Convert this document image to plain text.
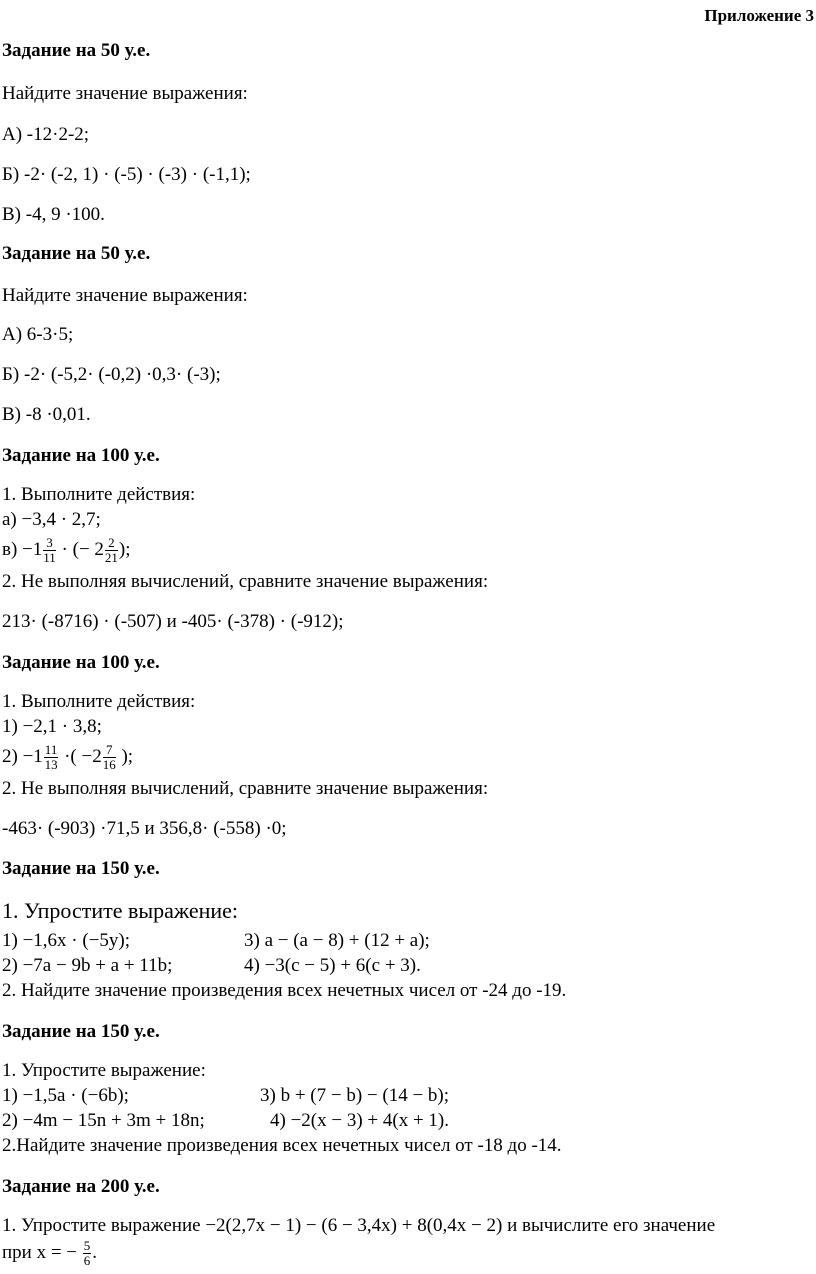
Приложение 3
Задание на 50 у.е.
Найдите значение выражения:
А) -12·2-2;
Б) -2· (-2, 1) · (-5) · (-3) · (-1,1);
В) -4, 9 ·100.
Задание на 50 у.е.
Найдите значение выражения:
А) 6-3·5;
Б) -2· (-5,2· (-0,2) ·0,3· (-3);
В) -8 ·0,01.
Задание на 100 у.е.
1. Выполните действия:
а) −3,4 · 2,7;
$в) -1 \frac{3}{11}$ · (− $2 \frac{2}{21}$ );
2. Не выполняя вычислений, сравните значение выражения:
213· (-8716) · (-507) и -405· (-378) · (-912);
Задание на 100 у.е.
1. Выполните действия:
1) −2,1 · 3,8;
$2) -1 \frac{11}{13}$ ·( $-2 \frac{7}{16}$ );
2. Не выполняя вычислений, сравните значение выражения:
-463· (-903) ·71,5 и 356,8· (-558) ·0;
Задание на 150 у.е.
1. Упростите выражение:
1) −1,6x · (−5y);	3) a − (a − 8) + (12 + a);
2) −7a − 9b + a + 11b;	4) −3(c − 5) + 6(c + 3).
2. Найдите значение произведения всех нечетных чисел от -24 до -19.
Задание на 150 у.е.
1. Упростите выражение:
1) −1,5a · (−6b);	3) b + (7 − b) − (14 − b);
2) −4m − 15n + 3m + 18n;	4) −2(x − 3) + 4(x + 1).
2.Найдите значение произведения всех нечетных чисел от -18 до -14.
Задание на 200 у.е.
1. Упростите выражение −2(2,7x − 1) − (6 − 3,4x) + 8(0,4x − 2) и вычислите его значение
при x = − $\frac{5}{6}$ .
